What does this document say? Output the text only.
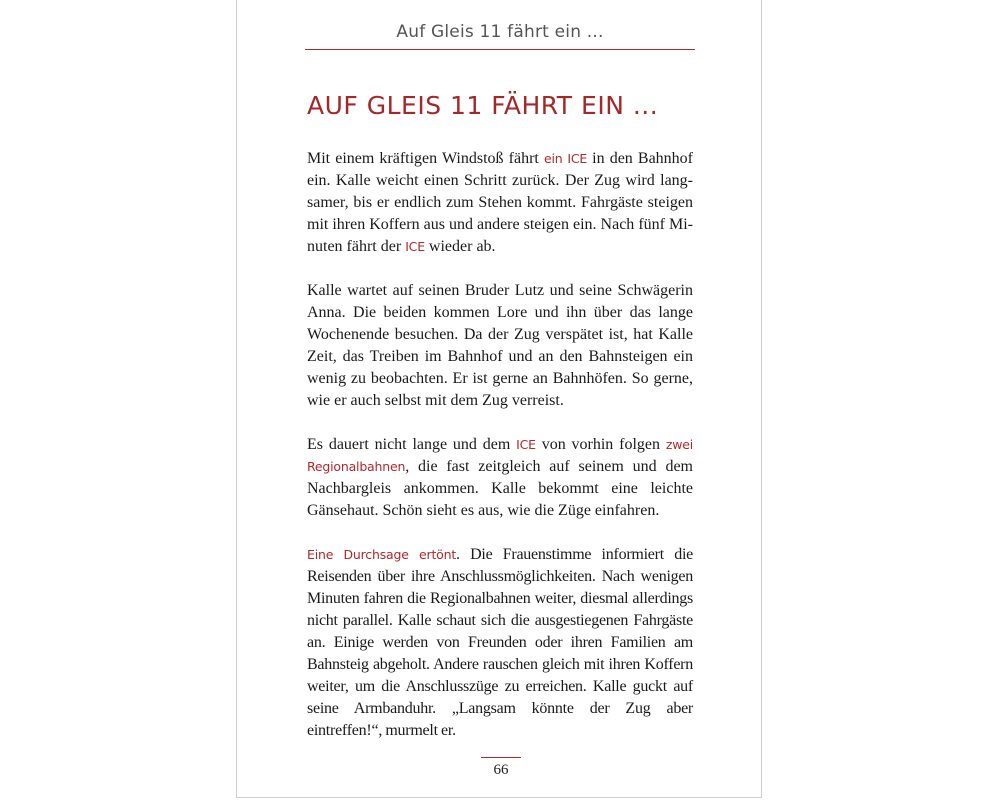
Auf Gleis 11 fährt ein ...
AUF GLEIS 11 FÄHRT EIN ...

Mit einem kräftigen Windstoß fährt ein ICE in den Bahnhof ein. Kalle weicht einen Schritt zurück. Der Zug wird langsamer, bis er endlich zum Stehen kommt. Fahrgäste steigen mit ihren Koffern aus und andere steigen ein. Nach fünf Minuten fährt der ICE wieder ab.

Kalle wartet auf seinen Bruder Lutz und seine Schwägerin Anna. Die beiden kommen Lore und ihn über das lange Wochenende besuchen. Da der Zug verspätet ist, hat Kalle Zeit, das Treiben im Bahnhof und an den Bahnsteigen ein wenig zu beobachten. Er ist gerne an Bahnhöfen. So gerne, wie er auch selbst mit dem Zug verreist.

Es dauert nicht lange und dem ICE von vorhin folgen zwei Regionalbahnen, die fast zeitgleich auf seinem und dem Nachbargleis ankommen. Kalle bekommt eine leichte Gänsehaut. Schön sieht es aus, wie die Züge einfahren.

Eine Durchsage ertönt. Die Frauenstimme informiert die Reisenden über ihre Anschlussmöglichkeiten. Nach wenigen Minuten fahren die Regionalbahnen weiter, diesmal allerdings nicht parallel. Kalle schaut sich die ausgestiegenen Fahrgäste an. Einige werden von Freunden oder ihren Familien am Bahnsteig abgeholt. Andere rauschen gleich mit ihren Koffern weiter, um die Anschlusszüge zu erreichen. Kalle guckt auf seine Armbanduhr. „Langsam könnte der Zug aber eintreffen!“, murmelt er.

66
